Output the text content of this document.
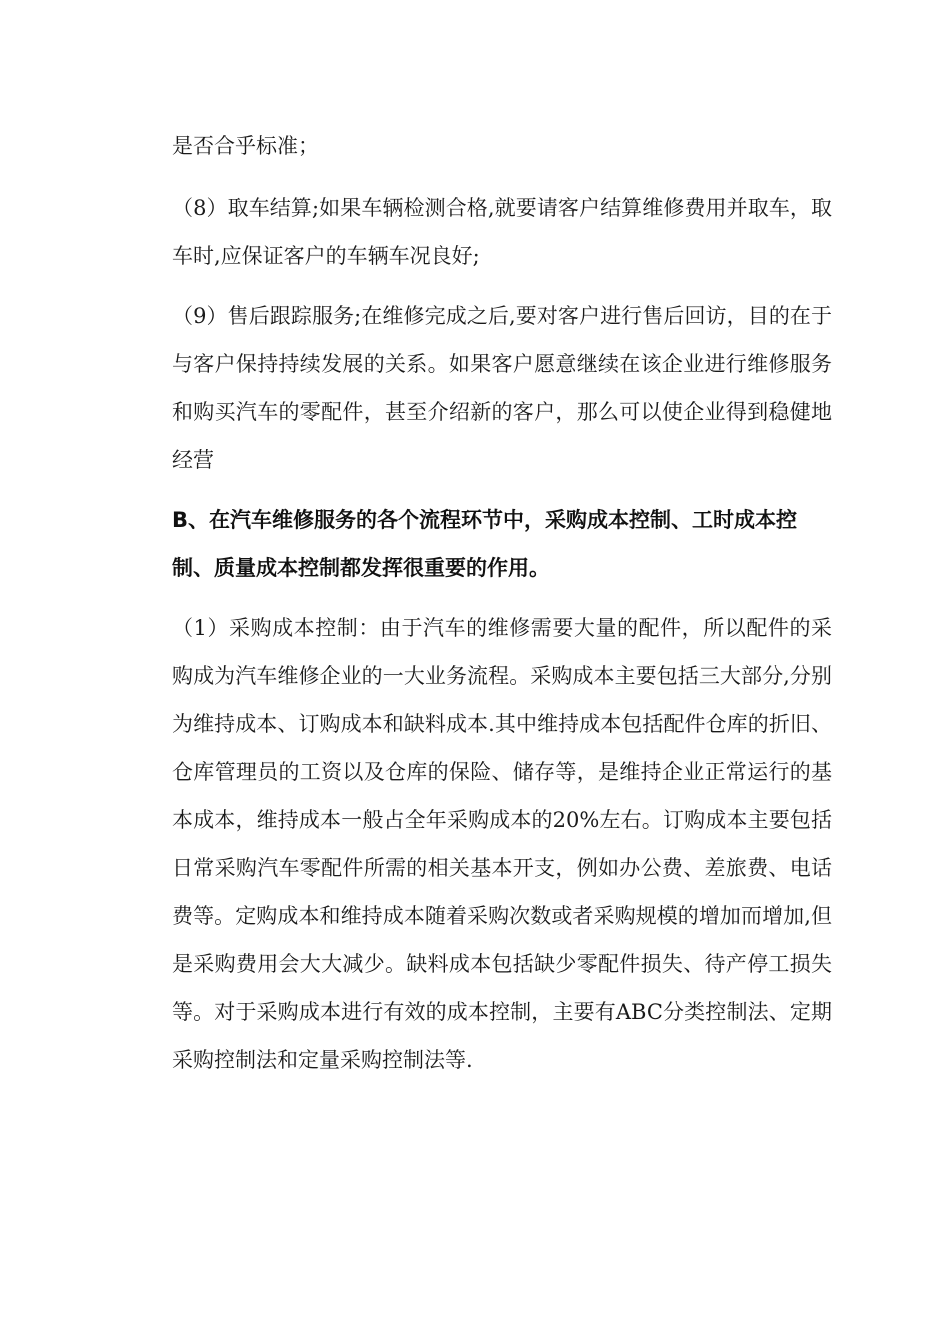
是否合乎标准；

（8）取车结算;如果车辆检测合格,就要请客户结算维修费用并取车，取车时,应保证客户的车辆车况良好;

（9）售后跟踪服务;在维修完成之后,要对客户进行售后回访，目的在于与客户保持持续发展的关系。如果客户愿意继续在该企业进行维修服务和购买汽车的零配件，甚至介绍新的客户，那么可以使企业得到稳健地经营

B、在汽车维修服务的各个流程环节中，采购成本控制、工时成本控制、质量成本控制都发挥很重要的作用。

（1）采购成本控制：由于汽车的维修需要大量的配件，所以配件的采购成为汽车维修企业的一大业务流程。采购成本主要包括三大部分,分别为维持成本、订购成本和缺料成本.其中维持成本包括配件仓库的折旧、仓库管理员的工资以及仓库的保险、储存等，是维持企业正常运行的基本成本，维持成本一般占全年采购成本的20%左右。订购成本主要包括日常采购汽车零配件所需的相关基本开支，例如办公费、差旅费、电话费等。定购成本和维持成本随着采购次数或者采购规模的增加而增加,但是采购费用会大大减少。缺料成本包括缺少零配件损失、待产停工损失等。对于采购成本进行有效的成本控制，主要有ABC分类控制法、定期采购控制法和定量采购控制法等.
